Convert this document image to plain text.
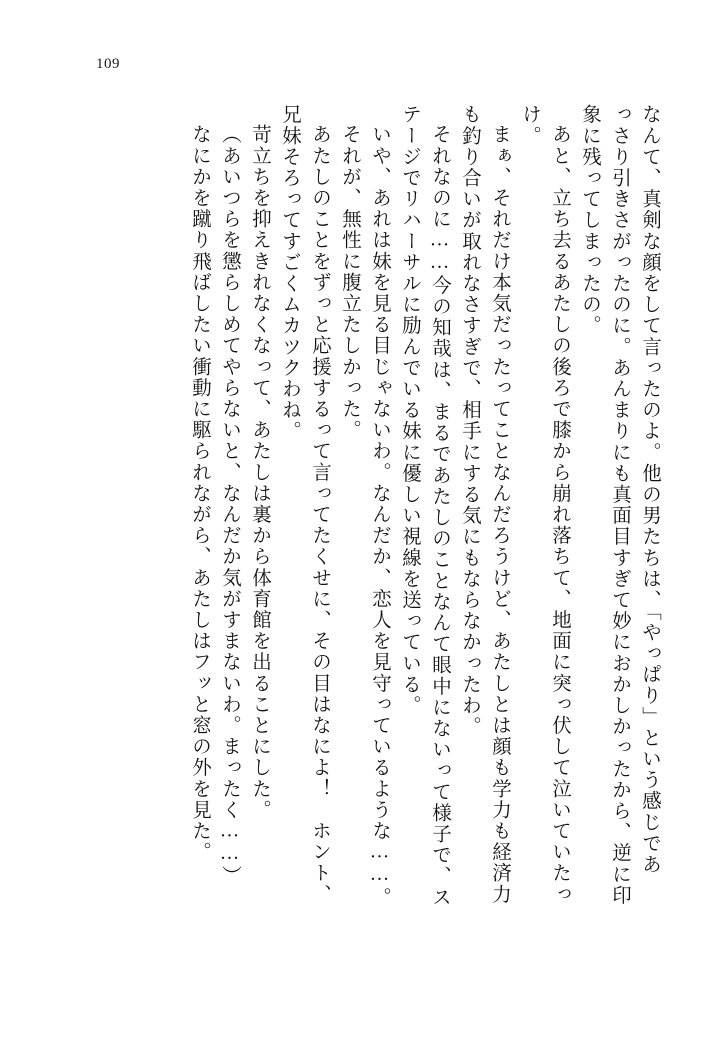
109
なんて、真剣な顔をして言ったのよ。他の男たちは、「やっぱり」という感じであ
っさり引きさがったのに。あんまりにも真面目すぎて妙におかしかったから、逆に印
象に残ってしまったの。
あと、立ち去るあたしの後ろで膝から崩れ落ちて、地面に突っ伏して泣いていたっ
け。
まぁ、それだけ本気だったってことなんだろうけど、あたしとは顔も学力も経済力
も釣り合いが取れなさすぎで、相手にする気にもならなかったわ。
それなのに……今の知哉は、まるであたしのことなんて眼中にないって様子で、ス
テージでリハーサルに励んでいる妹に優しい視線を送っている。
いや、あれは妹を見る目じゃないわ。なんだか、恋人を見守っているような……。
それが、無性に腹立たしかった。
あたしのことをずっと応援するって言ってたくせに、その目はなによ！　ホント、
兄妹そろってすごくムカツクわね。
苛立ちを抑えきれなくなって、あたしは裏から体育館を出ることにした。
（あいつらを懲らしめてやらないと、なんだか気がすまないわ。まったく……）
なにかを蹴り飛ばしたい衝動に駆られながら、あたしはフッと窓の外を見た。
